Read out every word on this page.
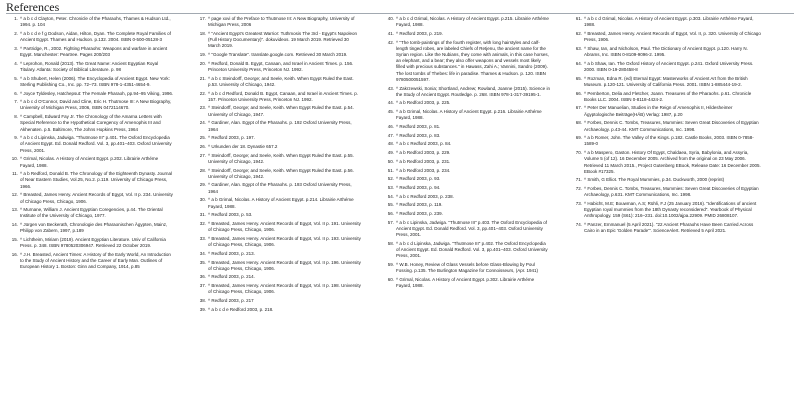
References
1. ^ a b c d Clayton, Peter. Chronicle of the Pharaohs, Thames & Hudson Ltd., 1994. p. 104
2. ^ a b c d e f g Dodson, Aidan, Hilton, Dyan. The Complete Royal Families of Ancient Egypt. Thames and Hudson. p.132. 2004. ISBN 0-500-05128-3
3. ^ Partridge, R., 2002. Fighting Pharaohs: Weapons and warfare in ancient Egypt. Manchester: Peartree. Pages 200/203
4. ^ Leprohon, Ronald (2013). The Great Name: Ancient Egyptian Royal Titulary. Atlanta: Society of Biblical Literature. p. 98
5. ^ a b Shubert, Helen (2006). The Encyclopedia of Ancient Egypt. New York: Sterling Publishing Co., Inc. pp. 72–73. ISBN 978-1-4351-4654-9.
6. ^ Joyce Tyldesley, Hatchepsut: The Female Pharaoh, pp.94–95 Viking, 1996.
7. ^ a b c d O'Connor, David and Cline, Eric H. Thutmose III: A New Biography, University of Michigan Press, 2006, ISBN 0472114670.
8. ^ Campbell, Edward Fay Jr. The Chronology of the Amarna Letters with Special Reference to the Hypothetical Coregency of Amenophis III and Akhenaten. p.5. Baltimore, The Johns Hopkins Press, 1964
9. ^ a b c d Lipinska, Jadwiga. "Thutmose III" p.401. The Oxford Encyclopedia of Ancient Egypt. Ed. Donald Redford. Vol. 3, pp.401–403. Oxford University Press, 2001.
10. ^ Grimal, Nicolas. A History of Ancient Egypt. p.202. Librairie Arthéme Fayard, 1988.
11. ^ a b Redford, Donald B. The Chronology of the Eighteenth Dynasty. Journal of Near Eastern Studies, Vol.25, No.2. p.119. University of Chicago Press, 1966.
12. ^ Breasted, James Henry. Ancient Records of Egypt, Vol. II p. 234. University of Chicago Press, Chicago, 1906.
13. ^ Murnane, William J. Ancient Egyptian Coregencies, p.44. The Oriental Institute of the University of Chicago, 1977.
14. ^ Jürgen von Beckerath, Chronologie des Pharaonischen Ägypten, Mainz, Philipp von Zabern, 1997, p.189
15. ^ Lichtheim, Miriam (2019). Ancient Egyptian Literature. Univ of California Press. p. 348. ISBN 9780520306947. Retrieved 22 October 2019.
16. ^ J.H. Breasted, Ancient Times: A History of the Early World, An Introduction to the Study of Ancient History and the Career of Early Man. Outlines of European History 1. Boston: Ginn and Company, 1914, p.85
17. ^ page xxvi of the Preface to Thutmose III: A New Biography, University of Michigan Press, 2006
18. ^ "Ancient Egypt's Greatest Warrior: Tuthmosis The 3rd - Egypt's Napoleon (Full History Documentary)". dokuvideos. 19 March 2019. Retrieved 30 March 2019.
19. ^ "Google Translate". translate.google.com. Retrieved 30 March 2019.
20. ^ Redford, Donald B. Egypt, Canaan, and Israel in Ancient Times. p. 156. Princeton University Press, Princeton NJ. 1992.
21. ^ a b c Steindorff, George; and Seele, Keith. When Egypt Ruled the East. p.53. University of Chicago, 1942.
22. ^ a b c d Redford, Donald B. Egypt, Canaan, and Israel in Ancient Times. p. 157. Princeton University Press, Princeton NJ. 1992.
23. ^ Steindorff, George; and Seele, Keith. When Egypt Ruled the East. p.54. University of Chicago, 1947.
24. ^ Gardiner, Alan. Egypt of the Pharaohs. p. 192 Oxford University Press, 1964
25. ^ Redford 2003, p. 197.
26. ^ Urkunden der 18. Dynastie 657.2
27. ^ Steindorff, George; and Seele, Keith. When Egypt Ruled the East. p.55. University of Chicago, 1942.
28. ^ Steindorff, George; and Seele, Keith. When Egypt Ruled the East. p.56. University of Chicago, 1942.
29. ^ Gardiner, Alan. Egypt of the Pharaohs. p. 193 Oxford University Press, 1964
30. ^ a b Grimal, Nicolas. A History of Ancient Egypt. p.214. Librairie Arthéme Fayard, 1988.
31. ^ Redford 2003, p. 53.
32. ^ Breasted, James Henry. Ancient Records of Egypt, Vol. II p. 191. University of Chicago Press, Chicago, 1906.
33. ^ Breasted, James Henry. Ancient Records of Egypt, Vol. II p. 193. University of Chicago Press, Chicago, 1906.
34. ^ Redford 2003, p. 213.
35. ^ Breasted, James Henry. Ancient Records of Egypt, Vol. II p. 196. University of Chicago Press, Chicago, 1906.
36. ^ Redford 2003, p. 214.
37. ^ Breasted, James Henry. Ancient Records of Egypt, Vol. II p. 198. University of Chicago Press, Chicago, 1906.
38. ^ Redford 2003, p. 217
39. ^ a b c d e Redford 2003, p. 218.
40. ^ a b c d Grimal, Nicolas. A History of Ancient Egypt. p.215. Librairie Arthéme Fayard, 1988.
41. ^ Redford 2003, p. 219.
42. ^ "The tomb-paintings of the fourth register, with long hairstyles and calf-length tinged robes, are labeled Chiefs of Retjenu, the ancient name for the Syrian region. Like the Nubians, they come with animals, in this case horses, an elephant, and a bear; they also offer weapons and vessels most likely filled with precious substances." in Hawass, Zahi A.; Vannini, Sandro (2009). The lost tombs of Thebes: life in paradise. Thames & Hudson. p. 120. ISBN 9780500051597.
43. ^ Zakrzewski, Sonia; Shortland, Andrew; Rowland, Joanne (2015). Science in the Study of Ancient Egypt. Routledge. p. 268. ISBN 978-1-317-39195-1.
44. ^ a b Redford 2003, p. 225.
45. ^ a b Grimal, Nicolas. A History of Ancient Egypt. p.216. Librairie Arthéme Fayard, 1988.
46. ^ Redford 2003, p. 81.
47. ^ Redford 2003, p. 83.
48. ^ a b c Redford 2003, p. 84.
49. ^ a b Redford 2003, p. 229.
50. ^ a b Redford 2003, p. 231.
51. ^ a b Redford 2003, p. 234.
52. ^ Redford 2003, p. 93.
53. ^ Redford 2003, p. 94.
54. ^ a b c Redford 2003, p. 238.
55. ^ Redford 2003, p. 119.
56. ^ Redford 2003, p. 239.
57. ^ a b c Lipinska, Jadwiga. "Thutmose III" p.403. The Oxford Encyclopedia of Ancient Egypt. Ed. Donald Redford. Vol. 3, pp.401–403. Oxford University Press, 2001.
58. ^ a b c d Lipinska, Jadwiga. "Thutmose III" p.402. The Oxford Encyclopedia of Ancient Egypt. Ed. Donald Redford. Vol. 3, pp.401–403. Oxford University Press, 2001.
59. ^ W.B. Honey, Review of Glass Vessels before Glass-Blowing by Poul Fossing. p.135. The Burlington Magazine for Connoisseurs, (Apr. 1941)
60. ^ Grimal, Nicolas. A History of Ancient Egypt. p.302. Librairie Arthéme Fayard, 1988.
61. ^ a b c d Grimal, Nicolas. A History of Ancient Egypt. p.303. Librairie Arthéme Fayard, 1988.
62. ^ Breasted, James Henry. Ancient Records of Egypt, Vol. II, p. 320. University of Chicago Press, 1906.
63. ^ Shaw, Ian, and Nicholson, Paul. The Dictionary of Ancient Egypt. p.120. Harry N. Abrams, Inc. ISBN 0-8109-9096-2. 1995.
64. ^ a b Shaw, Ian. The Oxford History of Ancient Egypt. p.241. Oxford University Press. 2000. ISBN 0-19-280458-8
65. ^ Rozman, Edna R. (ed) Eternal Egypt: Masterworks of Ancient Art from the British Museum. p.120-121. University of California Press. 2001. ISBN 1-885444-19-2.
66. ^ Pemberton, Delia and Fletcher, Joann. Treasures of the Pharaohs. p.61. Chronicle Books LLC. 2004. ISBN 0-8118-4424-2.
67. ^ Peter Der Manuelian, Studies in the Reign of Amenophis II, Hildesheimer Ägyptologische Beiträge(HÄB) Verlag: 1987, p.20
68. ^ Forbes, Dennis C. Tombs, Treasures, Mummies: Seven Great Discoveries of Egyptian Archaeology. p.43-44. KMT Communications, Inc. 1998.
69. ^ a b Romer, John. The Valley of the Kings. p.182. Castle Books, 2003. ISBN 0-7858-1589-0
70. ^ a b Maspero, Gaston. History Of Egypt, Chaldaea, Syria, Babylonia, and Assyria, Volume 5 (of 12). 16 December 2005. Archived from the original on 23 May 2006. Retrieved 11 March 2015., Project Gutenberg EBook, Release Date: 16 December 2005. EBook #17325.
71. ^ Smith, G Elliot. The Royal Mummies, p.34. Duckworth, 2000 (reprint)
72. ^ Forbes, Dennis C. Tombs, Treasures, Mummies: Seven Great Discoveries of Egyptian Archaeology, p.631. KMT Communications, Inc. 1998.
73. ^ Habicht, M.E; Bouwman, A.S; Rühli, F.J (25 January 2016). "Identifications of ancient Egyptian royal mummies from the 18th Dynasty reconsidered". Yearbook of Physical Anthropology. 159 (S61): 216–231. doi:10.1002/ajpa.22909. PMID 26808107.
74. ^ Panzer, Emmanuel (5 April 2021). "22 Ancient Pharaohs Have Been Carried Across Cairo in an Epic 'Golden Parade'". ScienceAlert. Retrieved 5 April 2021.
